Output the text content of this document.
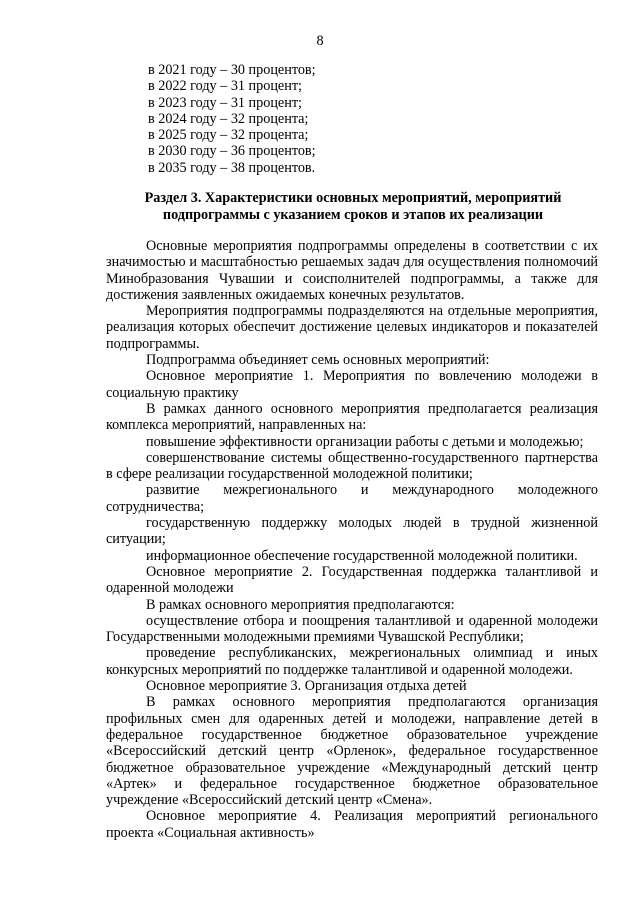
8
в 2021 году – 30 процентов;
в 2022 году – 31 процент;
в 2023 году – 31 процент;
в 2024 году – 32 процента;
в 2025 году – 32 процента;
в 2030 году – 36 процентов;
в 2035 году – 38 процентов.
Раздел 3. Характеристики основных мероприятий, мероприятий
подпрограммы с указанием сроков и этапов их реализации

Основные мероприятия подпрограммы определены в соответствии с их значимостью и масштабностью решаемых задач для осуществления полномочий Минобразования Чувашии и соисполнителей подпрограммы, а также для достижения заявленных ожидаемых конечных результатов.

Мероприятия подпрограммы подразделяются на отдельные мероприятия, реализация которых обеспечит достижение целевых индикаторов и показателей подпрограммы.

Подпрограмма объединяет семь основных мероприятий:

Основное мероприятие 1. Мероприятия по вовлечению молодежи в социальную практику

В рамках данного основного мероприятия предполагается реализация комплекса мероприятий, направленных на:

повышение эффективности организации работы с детьми и молодежью;

совершенствование системы общественно-государственного партнерства в сфере реализации государственной молодежной политики;

развитие межрегионального и международного молодежного сотрудничества;

государственную поддержку молодых людей в трудной жизненной ситуации;

информационное обеспечение государственной молодежной политики.

Основное мероприятие 2. Государственная поддержка талантливой и одаренной молодежи

В рамках основного мероприятия предполагаются:

осуществление отбора и поощрения талантливой и одаренной молодежи Государственными молодежными премиями Чувашской Республики;

проведение республиканских, межрегиональных олимпиад и иных конкурсных мероприятий по поддержке талантливой и одаренной молодежи.

Основное мероприятие 3. Организация отдыха детей

В рамках основного мероприятия предполагаются организация профильных смен для одаренных детей и молодежи, направление детей в федеральное государственное бюджетное образовательное учреждение «Всероссийский детский центр «Орленок», федеральное государственное бюджетное образовательное учреждение «Международный детский центр «Артек» и федеральное государственное бюджетное образовательное учреждение «Всероссийский детский центр «Смена».

Основное мероприятие 4. Реализация мероприятий регионального проекта «Социальная активность»
